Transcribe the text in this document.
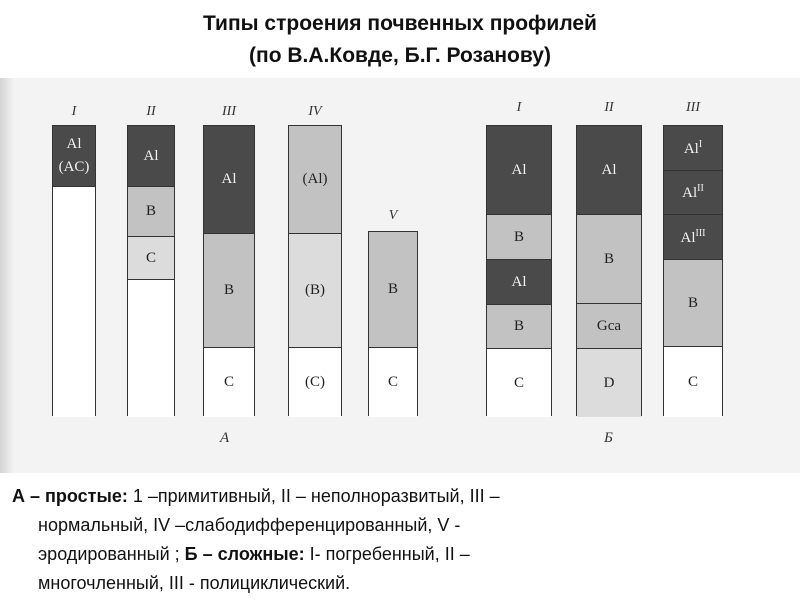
Типы строения почвенных профилей
(по В.А.Ковде, Б.Г. Розанову)
А
I
Al
(AC)
II
Al
B
C
III
Al
B
C
IV
(Al)
(B)
(C)
V
B
C
Б
I
Al
B
Al
B
C
II
Al
B
Gca
D
III
$Al^I$
$Al^{II}$
$Al^{III}$
B
C
А – простые: 1 –примитивный, II – неполноразвитый, III –
нормальный, IV –слабодифференцированный, V -
эродированный ; Б – сложные: I- погребенный, II –
многочленный, III - полициклический.
